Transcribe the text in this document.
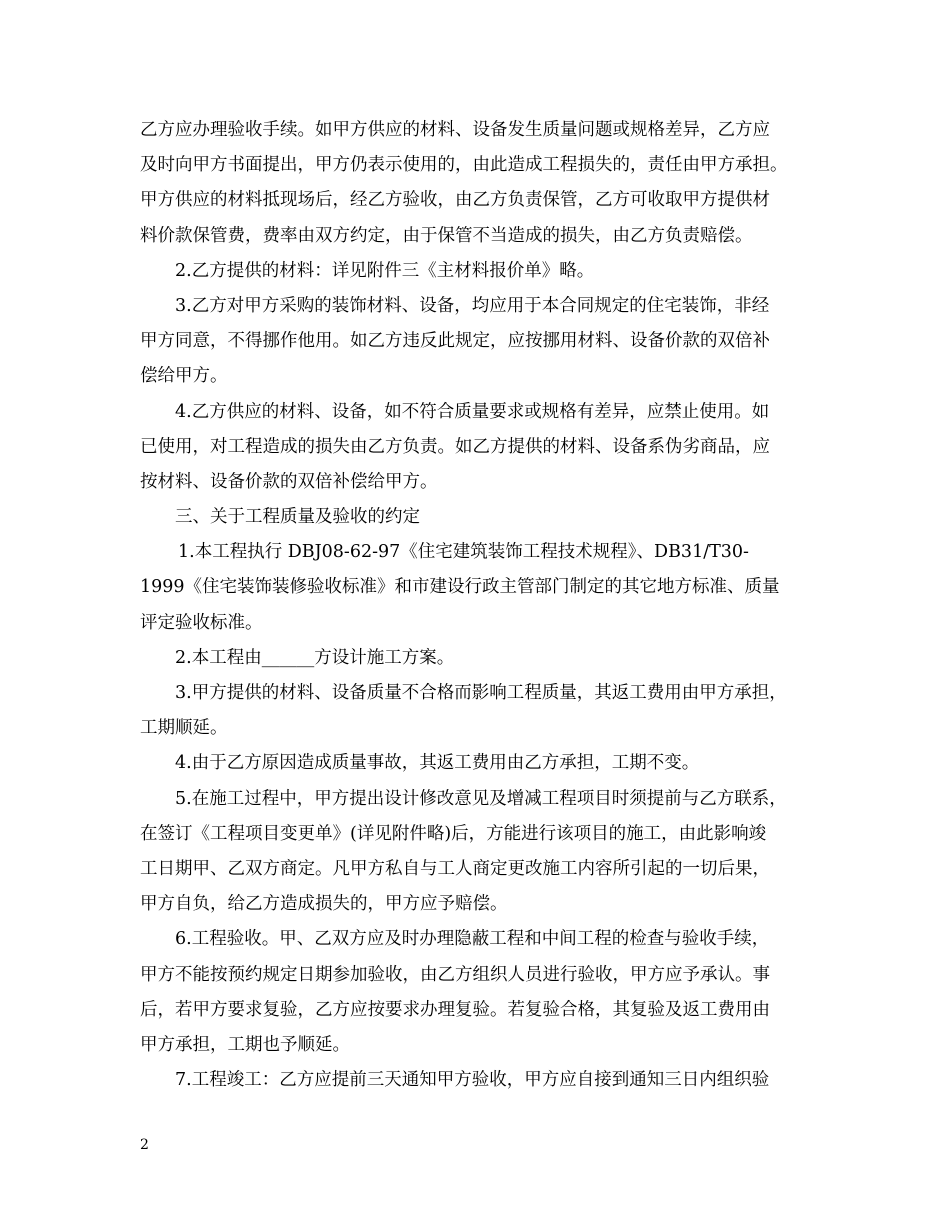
乙方应办理验收手续。如甲方供应的材料、设备发生质量问题或规格差异，乙方应
及时向甲方书面提出，甲方仍表示使用的，由此造成工程损失的，责任由甲方承担。
甲方供应的材料抵现场后，经乙方验收，由乙方负责保管，乙方可收取甲方提供材
料价款保管费，费率由双方约定，由于保管不当造成的损失，由乙方负责赔偿。
2.乙方提供的材料：详见附件三《主材料报价单》略。
3.乙方对甲方采购的装饰材料、设备，均应用于本合同规定的住宅装饰，非经
甲方同意，不得挪作他用。如乙方违反此规定，应按挪用材料、设备价款的双倍补
偿给甲方。
4.乙方供应的材料、设备，如不符合质量要求或规格有差异，应禁止使用。如
已使用，对工程造成的损失由乙方负责。如乙方提供的材料、设备系伪劣商品，应
按材料、设备价款的双倍补偿给甲方。
三、关于工程质量及验收的约定
1.本工程执行 DBJ08-62-97《住宅建筑装饰工程技术规程》、DB31/T30-
1999《住宅装饰装修验收标准》和市建设行政主管部门制定的其它地方标准、质量
评定验收标准。
2.本工程由______方设计施工方案。
3.甲方提供的材料、设备质量不合格而影响工程质量，其返工费用由甲方承担，
工期顺延。
4.由于乙方原因造成质量事故，其返工费用由乙方承担，工期不变。
5.在施工过程中，甲方提出设计修改意见及增减工程项目时须提前与乙方联系，
在签订《工程项目变更单》(详见附件略)后，方能进行该项目的施工，由此影响竣
工日期甲、乙双方商定。凡甲方私自与工人商定更改施工内容所引起的一切后果，
甲方自负，给乙方造成损失的，甲方应予赔偿。
6.工程验收。甲、乙双方应及时办理隐蔽工程和中间工程的检查与验收手续，
甲方不能按预约规定日期参加验收，由乙方组织人员进行验收，甲方应予承认。事
后，若甲方要求复验，乙方应按要求办理复验。若复验合格，其复验及返工费用由
甲方承担，工期也予顺延。
7.工程竣工：乙方应提前三天通知甲方验收，甲方应自接到通知三日内组织验
2
